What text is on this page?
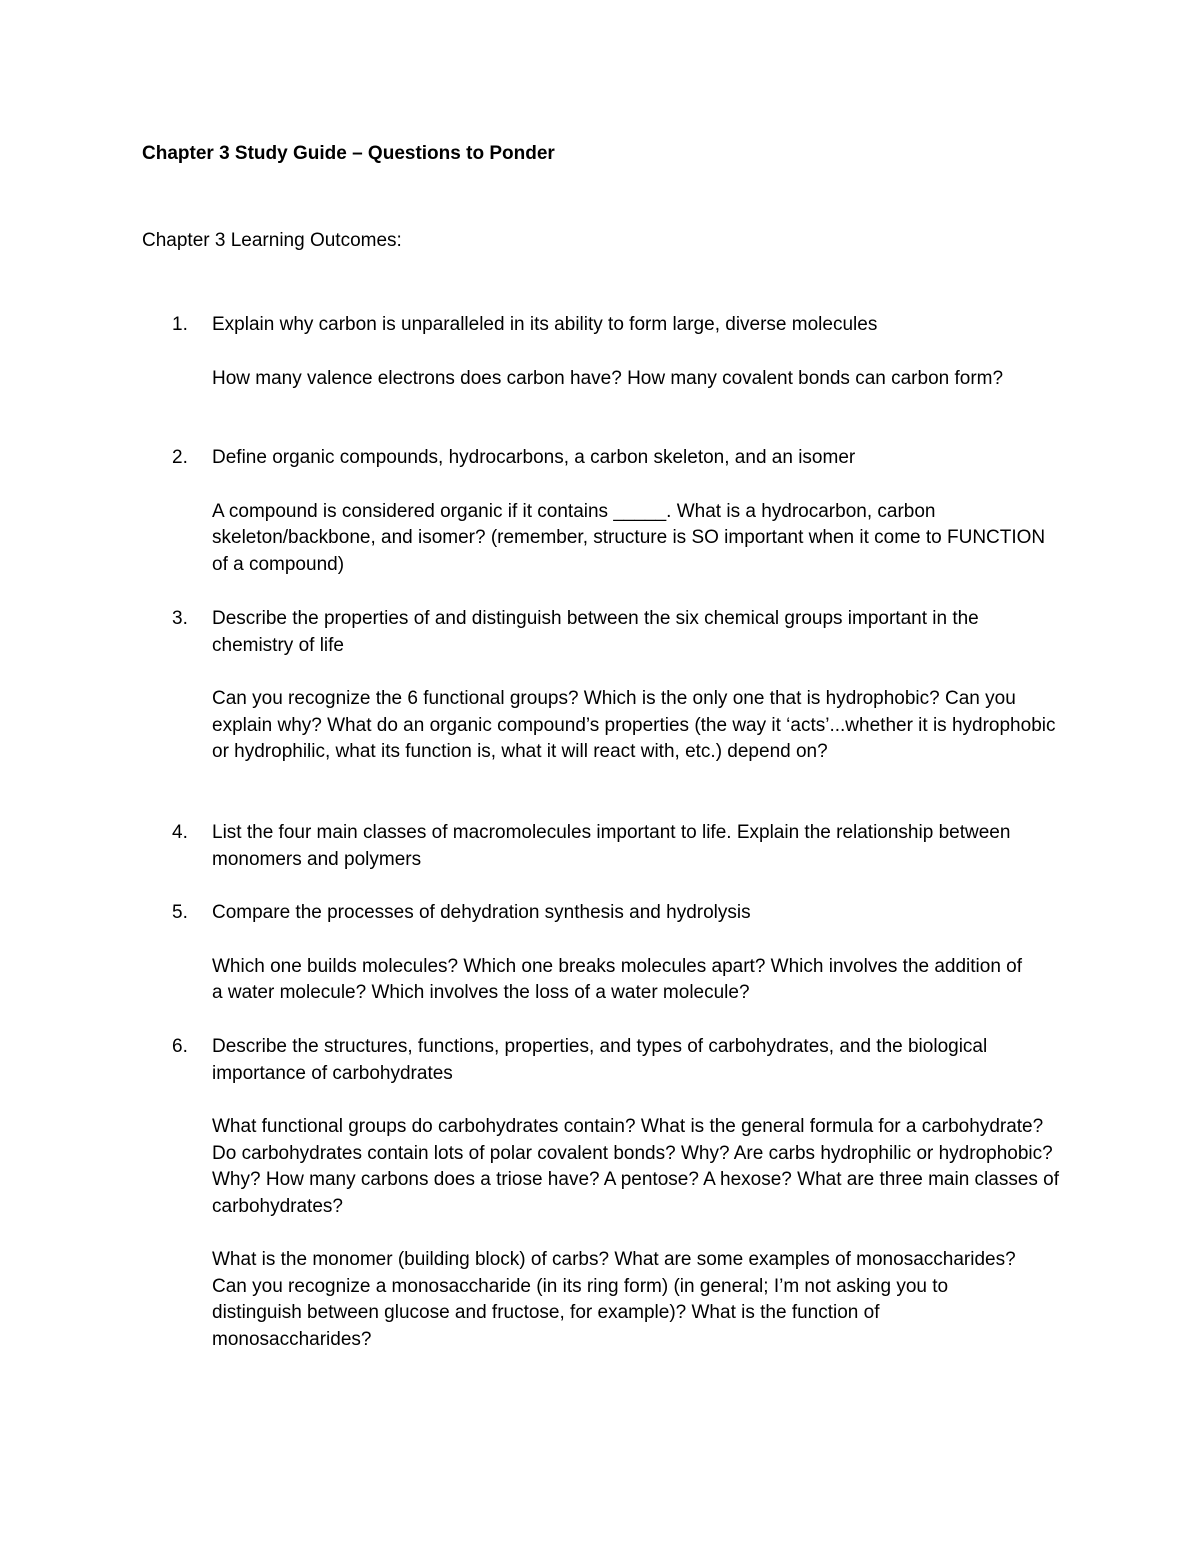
Chapter 3 Study Guide – Questions to Ponder
Chapter 3 Learning Outcomes:
1. Explain why carbon is unparalleled in its ability to form large, diverse molecules
How many valence electrons does carbon have? How many covalent bonds can carbon form?
2. Define organic compounds, hydrocarbons, a carbon skeleton, and an isomer
A compound is considered organic if it contains _____. What is a hydrocarbon, carbon skeleton/backbone, and isomer? (remember, structure is SO important when it come to FUNCTION of a compound)
3. Describe the properties of and distinguish between the six chemical groups important in the chemistry of life
Can you recognize the 6 functional groups? Which is the only one that is hydrophobic? Can you explain why? What do an organic compound’s properties (the way it ‘acts’...whether it is hydrophobic or hydrophilic, what its function is, what it will react with, etc.) depend on?
4. List the four main classes of macromolecules important to life. Explain the relationship between monomers and polymers
5. Compare the processes of dehydration synthesis and hydrolysis
Which one builds molecules? Which one breaks molecules apart? Which involves the addition of a water molecule? Which involves the loss of a water molecule?
6. Describe the structures, functions, properties, and types of carbohydrates, and the biological importance of carbohydrates
What functional groups do carbohydrates contain? What is the general formula for a carbohydrate? Do carbohydrates contain lots of polar covalent bonds? Why? Are carbs hydrophilic or hydrophobic? Why? How many carbons does a triose have? A pentose? A hexose? What are three main classes of carbohydrates?
What is the monomer (building block) of carbs? What are some examples of monosaccharides? Can you recognize a monosaccharide (in its ring form) (in general; I’m not asking you to distinguish between glucose and fructose, for example)? What is the function of monosaccharides?
